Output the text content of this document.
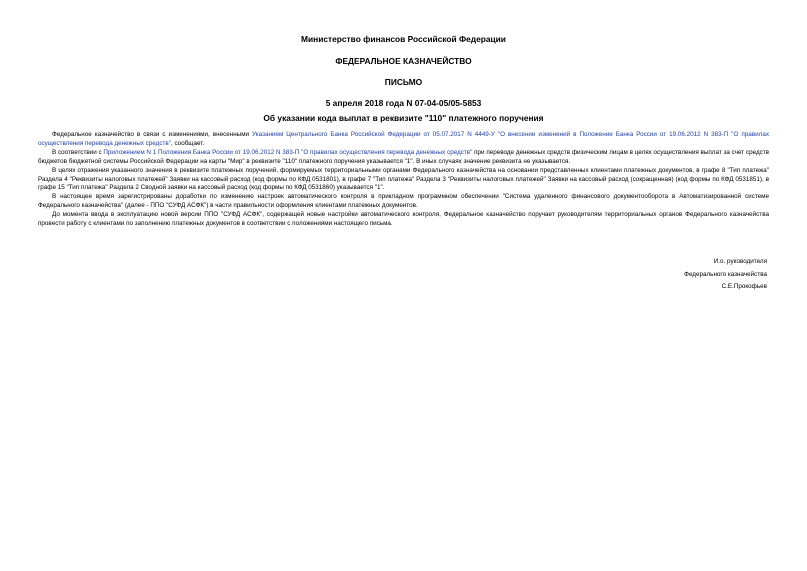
Министерство финансов Российской Федерации
ФЕДЕРАЛЬНОЕ КАЗНАЧЕЙСТВО
ПИСЬМО
5 апреля 2018 года N 07-04-05/05-5853
Об указании кода выплат в реквизите "110" платежного поручения

Федеральное казначейство в связи с изменениями, внесенными Указанием Центрального Банка Российской Федерации от 05.07.2017 N 4449-У "О внесении изменений в Положение Банка России от 19.06.2012 N 383-П "О правилах осуществления перевода денежных средств", сообщает.

В соответствии с Приложением N 1 Положения Банка России от 19.06.2012 N 383-П "О правилах осуществления перевода денежных средств" при переводе денежных средств физическим лицам в целях осуществления выплат за счет средств бюджетов бюджетной системы Российской Федерации на карты "Мир" в реквизите "110" платежного поручения указывается "1". В иных случаях значение реквизита не указывается.

В целях отражения указанного значения в реквизите платежных поручений, формируемых территориальными органами Федерального казначейства на основании представленных клиентами платежных документов, в графе 8 "Тип платежа" Раздела 4 "Реквизиты налоговых платежей" Заявки на кассовый расход (код формы по КФД 0531801), в графе 7 "Тип платежа" Раздела 3 "Реквизиты налоговых платежей" Заявки на кассовый расход (сокращенная) (код формы по КФД 0531851), в графе 15 "Тип платежа" Раздела 2 Сводной заявки на кассовый расход (код формы по КФД 0531860) указывается "1".

В настоящее время зарегистрированы доработки по изменению настроек автоматического контроля в прикладном программном обеспечении "Система удаленного финансового документооборота в Автоматизированной системе Федерального казначейства" (далее - ППО "СУФД АСФК") в части правильности оформления клиентами платежных документов.

До момента ввода в эксплуатацию новой версии ППО "СУФД АСФК", содержащей новые настройки автоматического контроля, Федеральное казначейство поручает руководителям территориальных органов Федерального казначейства провести работу с клиентами по заполнению платежных документов в соответствии с положениями настоящего письма.

И.о. руководителя
Федерального казначейства
С.Е.Прокофьев
